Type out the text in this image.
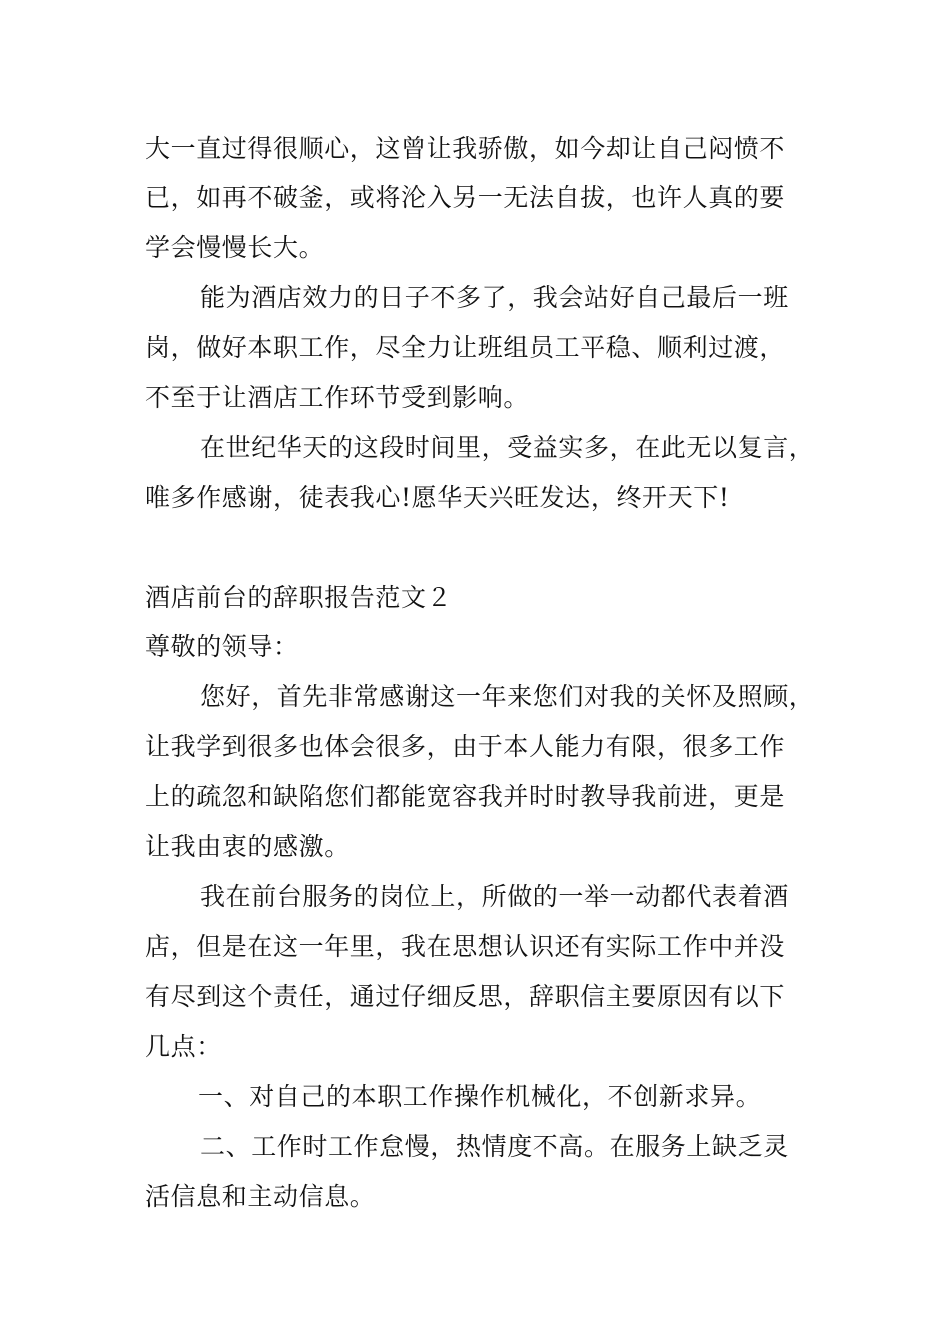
大一直过得很顺心，这曾让我骄傲，如今却让自己闷愤不
已，如再不破釜，或将沦入另一无法自拔，也许人真的要
学会慢慢长大。
能为酒店效力的日子不多了，我会站好自己最后一班
岗，做好本职工作，尽全力让班组员工平稳、顺利过渡，
不至于让酒店工作环节受到影响。
在世纪华天的这段时间里，受益实多，在此无以复言，
唯多作感谢，徒表我心!愿华天兴旺发达，终开天下!
酒店前台的辞职报告范文２
尊敬的领导：
您好，首先非常感谢这一年来您们对我的关怀及照顾，
让我学到很多也体会很多，由于本人能力有限，很多工作
上的疏忽和缺陷您们都能宽容我并时时教导我前进，更是
让我由衷的感激。
我在前台服务的岗位上，所做的一举一动都代表着酒
店，但是在这一年里，我在思想认识还有实际工作中并没
有尽到这个责任，通过仔细反思，辞职信主要原因有以下
几点：
一、对自己的本职工作操作机械化，不创新求异。
二、工作时工作怠慢，热情度不高。在服务上缺乏灵
活信息和主动信息。
